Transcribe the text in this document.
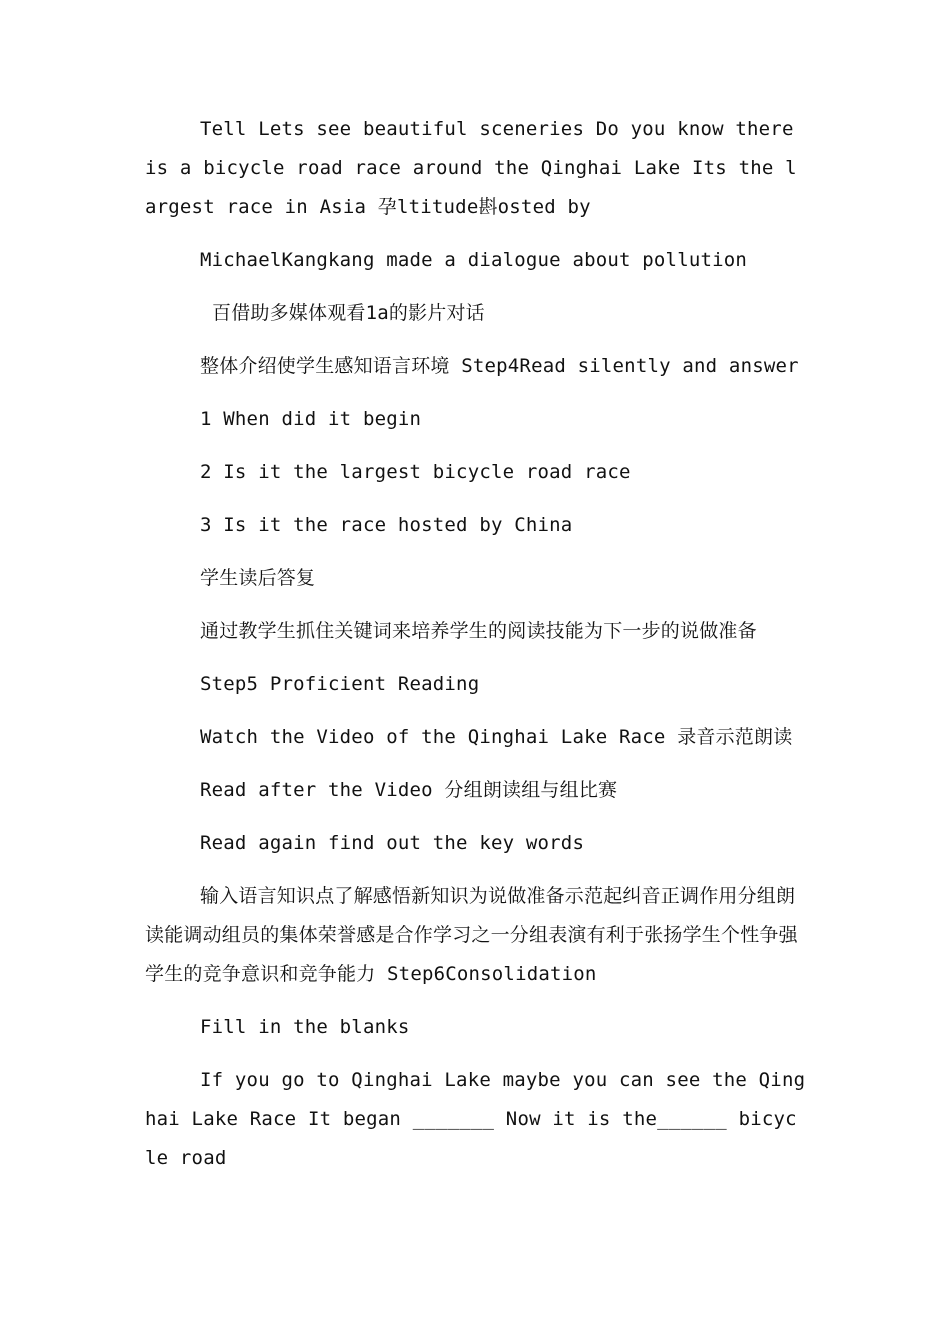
Tell Lets see beautiful sceneries Do you know there is a bicycle road race around the Qinghai Lake Its the largest race in Asia 孕ltitude斟osted by

MichaelKangkang made a dialogue about pollution

百借助多媒体观看1a的影片对话

整体介绍使学生感知语言环境 Step4Read silently and answer

1 When did it begin

2 Is it the largest bicycle road race

3 Is it the race hosted by China

学生读后答复

通过教学生抓住关键词来培养学生的阅读技能为下一步的说做准备

Step5 Proficient Reading

Watch the Video of the Qinghai Lake Race 录音示范朗读

Read after the Video 分组朗读组与组比赛

Read again find out the key words

输入语言知识点了解感悟新知识为说做准备示范起纠音正调作用分组朗读能调动组员的集体荣誉感是合作学习之一分组表演有利于张扬学生个性争强学生的竞争意识和竞争能力 Step6Consolidation

Fill in the blanks

If you go to Qinghai Lake maybe you can see the Qinghai Lake Race It began _______ Now it is the______ bicycle road
